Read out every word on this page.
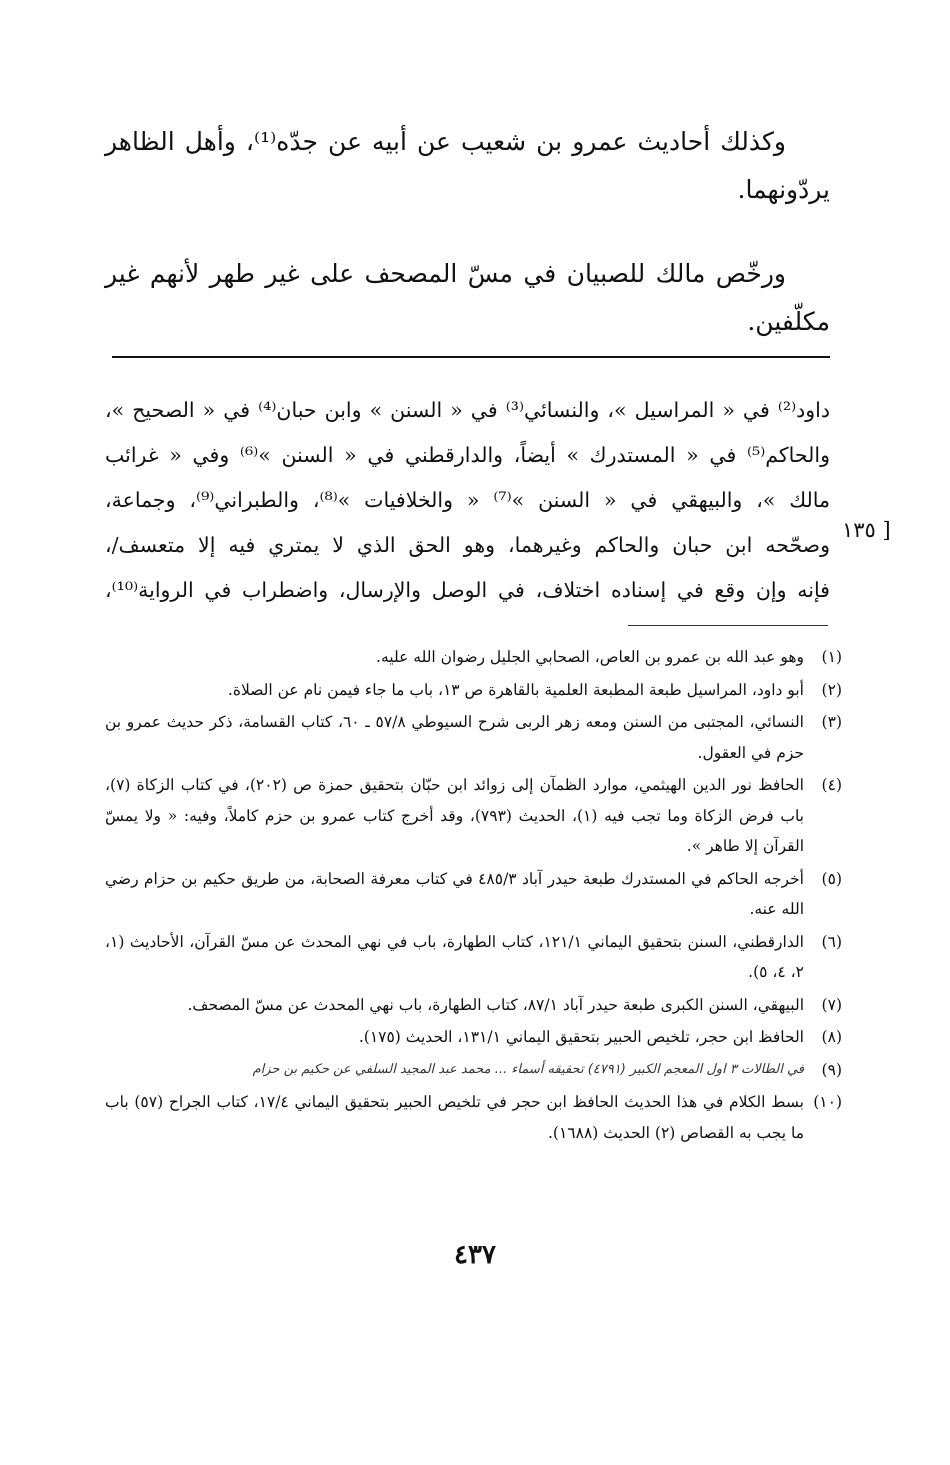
وكذلك أحاديث عمرو بن شعيب عن أبيه عن جدّه⁽¹⁾، وأهل الظاهر يردّونهما.

ورخّص مالك للصبيان في مسّ المصحف على غير طهر لأنهم غير مكلّفين.

داود⁽²⁾ في « المراسيل »، والنسائي⁽³⁾ في « السنن » وابن حبان⁽⁴⁾ في « الصحيح »،
والحاكم⁽⁵⁾ في « المستدرك » أيضاً، والدارقطني في « السنن »⁽⁶⁾ وفي « غرائب
مالك »، والبيهقي في « السنن »⁽⁷⁾ « والخلافيات »⁽⁸⁾، والطبراني⁽⁹⁾، وجماعة،
وصحّحه ابن حبان والحاكم وغيرهما، وهو الحق الذي لا يمتري فيه إلا متعسف/،
فإنه وإن وقع في إسناده اختلاف، في الوصل والإرسال، واضطراب في الرواية⁽¹⁰⁾،
[ ١٣٥
(١)
وهو عبد الله بن عمرو بن العاص، الصحابي الجليل رضوان الله عليه.
(٢)
أبو داود، المراسيل طبعة المطبعة العلمية بالقاهرة ص ١٣، باب ما جاء فيمن نام عن الصلاة.
(٣)
النسائي، المجتبى من السنن ومعه زهر الربى شرح السيوطي ٥٧/٨ ـ ٦٠، كتاب القسامة، ذكر حديث عمرو بن حزم في العقول.
(٤)
الحافظ نور الدين الهيثمي، موارد الظمآن إلى زوائد ابن حبّان بتحقيق حمزة ص (٢٠٢)، في كتاب الزكاة (٧)، باب فرض الزكاة وما تجب فيه (١)، الحديث (٧٩٣)، وقد أخرج كتاب عمرو بن حزم كاملاً، وفيه: « ولا يمسّ القرآن إلا طاهر ».
(٥)
أخرجه الحاكم في المستدرك طبعة حيدر آباد ٤٨٥/٣ في كتاب معرفة الصحابة، من طريق حكيم بن حزام رضي الله عنه.
(٦)
الدارقطني، السنن بتحقيق اليماني ١٢١/١، كتاب الطهارة، باب في نهي المحدث عن مسّ القرآن، الأحاديث (١، ٢، ٤، ٥).
(٧)
البيهقي، السنن الكبرى طبعة حيدر آباد ٨٧/١، كتاب الطهارة، باب نهي المحدث عن مسّ المصحف.
(٨)
الحافظ ابن حجر، تلخيص الحبير بتحقيق اليماني ١٣١/١، الحديث (١٧٥).
(٩)
في الطالات ٣ اول المعجم الكبير (٤٧٩١) تحقيقه أسماء ... محمد عبد المجيد السلفي عن حكيم بن حزام
(١٠)
بسط الكلام في هذا الحديث الحافظ ابن حجر في تلخيص الحبير بتحقيق اليماني ١٧/٤، كتاب الجراح (٥٧) باب ما يجب به القصاص (٢) الحديث (١٦٨٨).
٤٣٧
